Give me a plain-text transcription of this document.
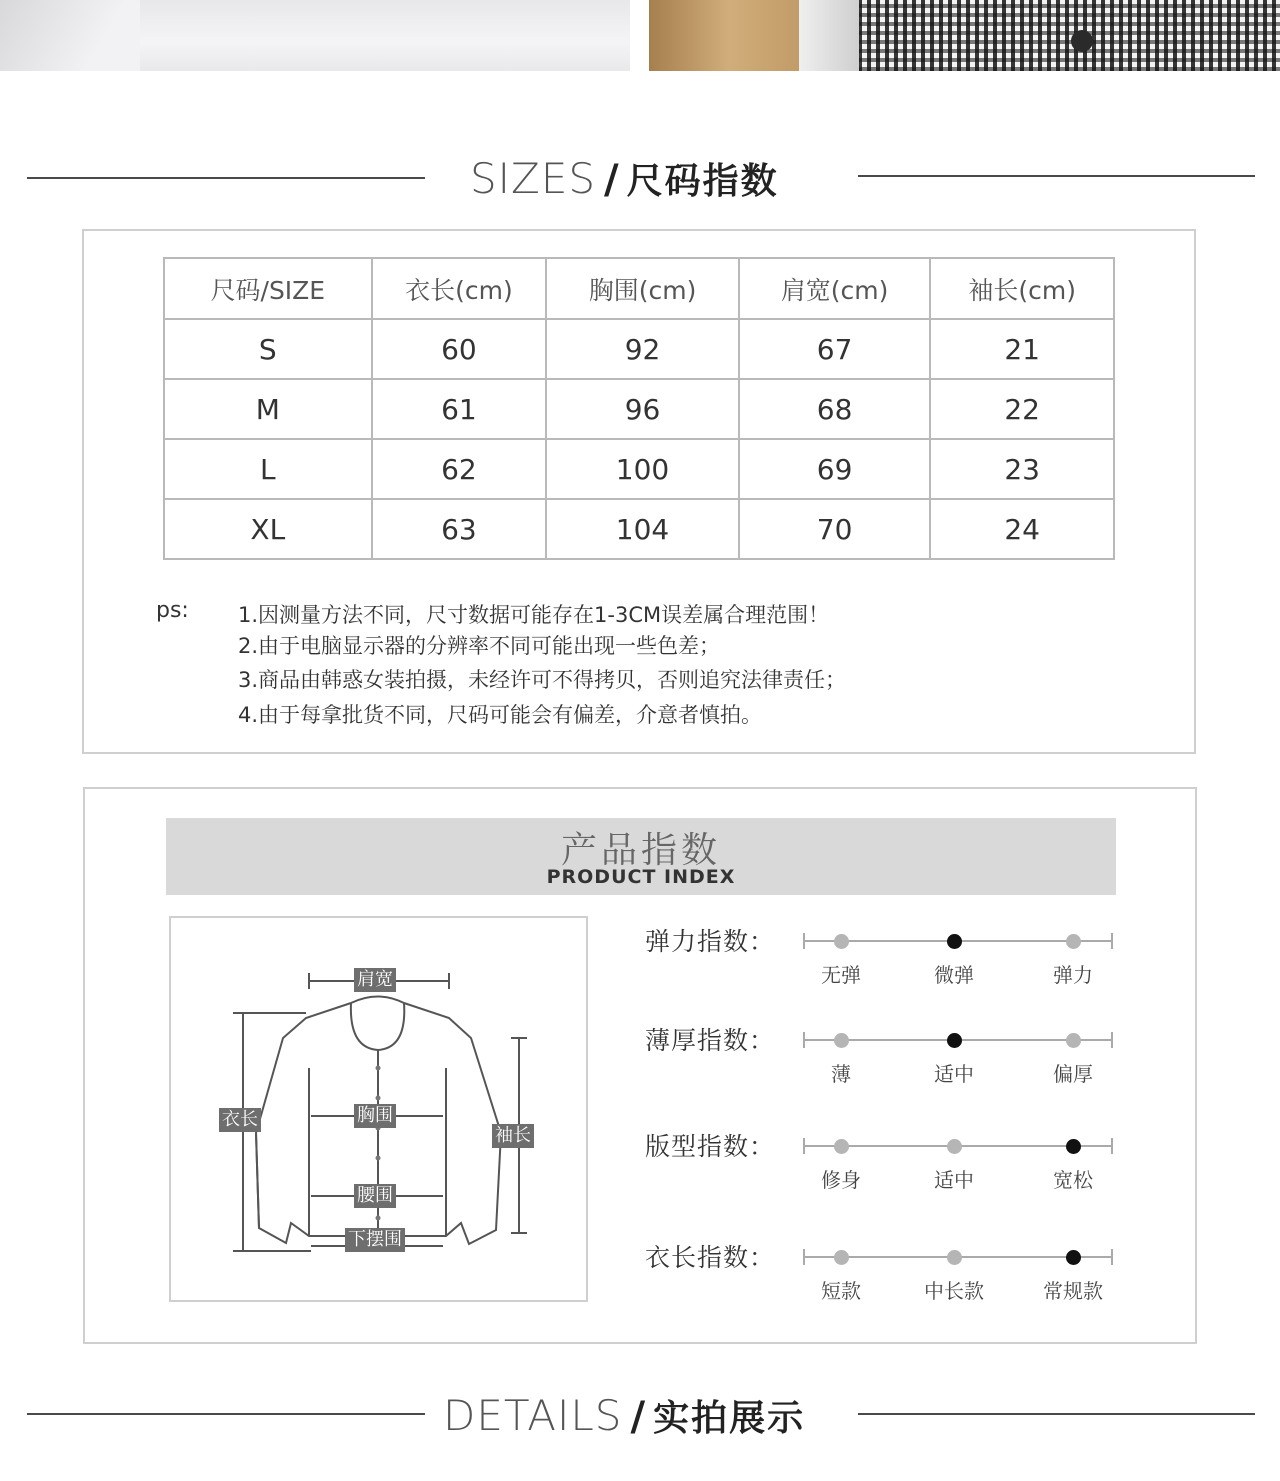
SIZES / 尺码指数
尺码/SIZE	衣长(cm)	胸围(cm)	肩宽(cm)	袖长(cm)
S	60	92	67	21
M	61	96	68	22
L	62	100	69	23
XL	63	104	70	24
ps: 1.因测量方法不同，尺寸数据可能存在1-3CM误差属合理范围！
2.由于电脑显示器的分辨率不同可能出现一些色差；
3.商品由韩惑女装拍摄，未经许可不得拷贝，否则追究法律责任；
4.由于每拿批货不同，尺码可能会有偏差，介意者慎拍。
产品指数
PRODUCT INDEX
肩宽
衣长	胸围
袖长
腰围
下摆围
弹力指数：
无弹	微弹	弹力
薄厚指数：
薄	适中	偏厚
版型指数：
修身	适中	宽松
衣长指数：
短款	中长款	常规款
DETAILS / 实拍展示
